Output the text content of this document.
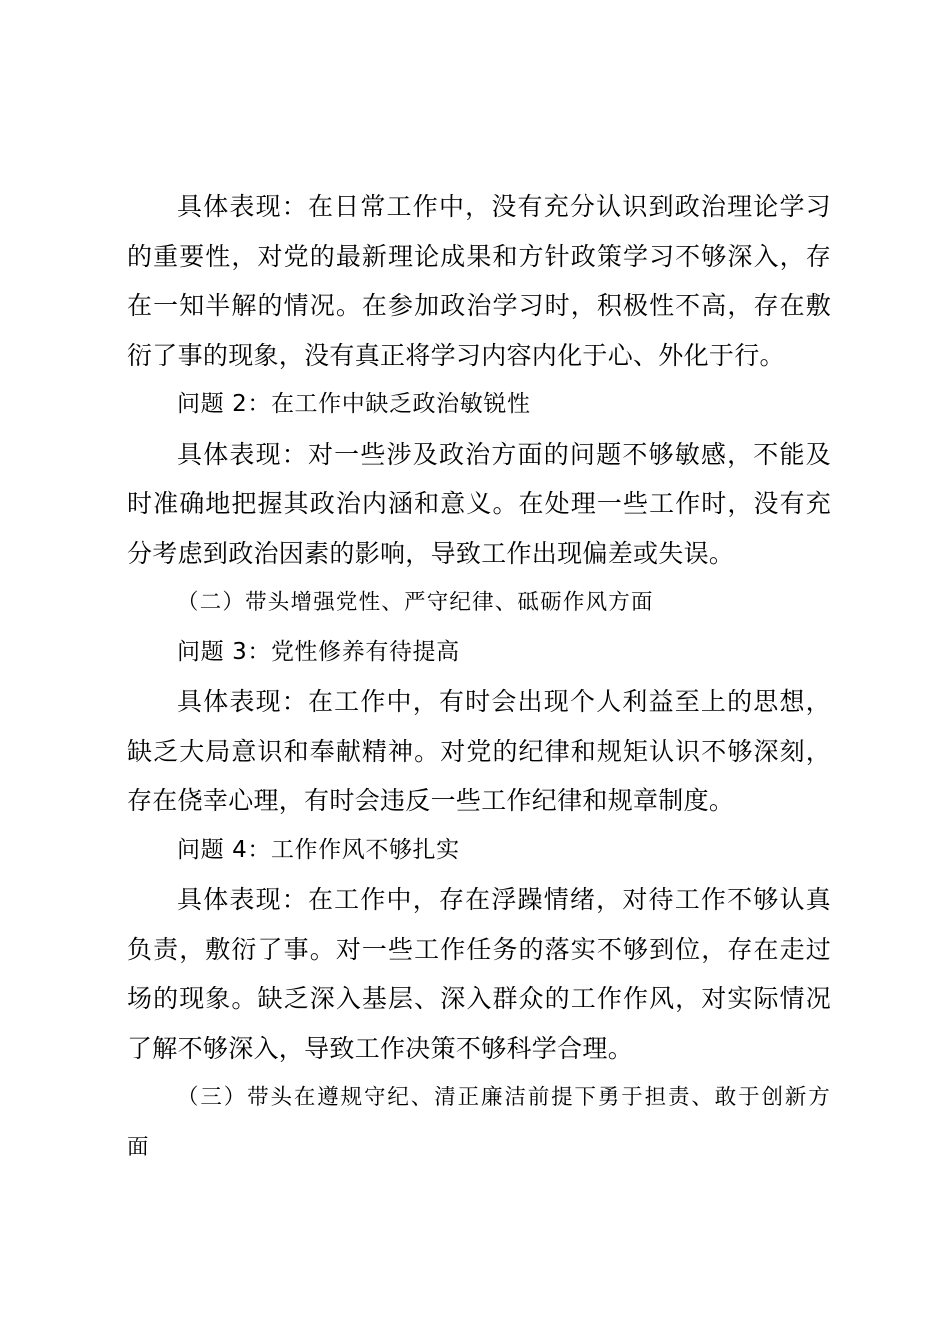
具体表现：在日常工作中，没有充分认识到政治理论学习的重要性，对党的最新理论成果和方针政策学习不够深入，存在一知半解的情况。在参加政治学习时，积极性不高，存在敷衍了事的现象，没有真正将学习内容内化于心、外化于行。

问题 2：在工作中缺乏政治敏锐性

具体表现：对一些涉及政治方面的问题不够敏感，不能及时准确地把握其政治内涵和意义。在处理一些工作时，没有充分考虑到政治因素的影响，导致工作出现偏差或失误。

（二）带头增强党性、严守纪律、砥砺作风方面

问题 3：党性修养有待提高

具体表现：在工作中，有时会出现个人利益至上的思想，缺乏大局意识和奉献精神。对党的纪律和规矩认识不够深刻，存在侥幸心理，有时会违反一些工作纪律和规章制度。

问题 4：工作作风不够扎实

具体表现：在工作中，存在浮躁情绪，对待工作不够认真负责，敷衍了事。对一些工作任务的落实不够到位，存在走过场的现象。缺乏深入基层、深入群众的工作作风，对实际情况了解不够深入，导致工作决策不够科学合理。

（三）带头在遵规守纪、清正廉洁前提下勇于担责、敢于创新方面
